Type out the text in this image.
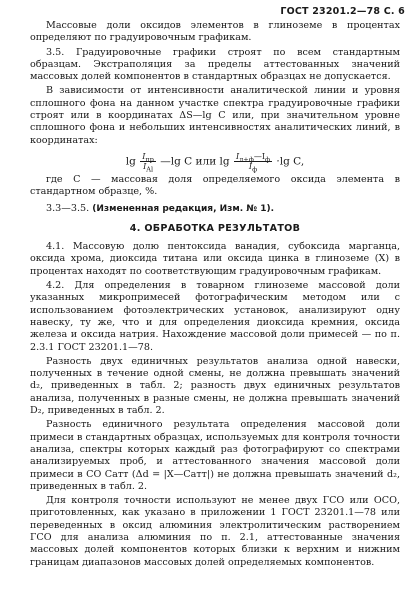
ГОСТ 23201.2—78 С. 6

Массовые доли оксидов элементов в глиноземе в процентах определяют по градуировочным графикам.

3.5. Градуировочные графики строят по всем стандартным образцам. Экстраполяция за пределы аттестованных значений массовых долей компонентов в стандартных образцах не допускается.

В зависимости от интенсивности аналитической линии и уровня сплошного фона на данном участке спектра градуировочные графики строят или в координатах ΔS—lg C или, при значительном уровне сплошного фона и небольших интенсивностях аналитических линий, в координатах:

$\lg \frac{I_{пр}}{I_{Al}}$ —lg C или $\lg \frac{I_{л+ф}—I_ф}{I_ф} \cdot\lg$ C,

где C — массовая доля определяемого оксида элемента в стандартном образце, %.

3.3—3.5. (Измененная редакция, Изм. № 1).

4. ОБРАБОТКА РЕЗУЛЬТАТОВ

4.1. Массовую долю пентоксида ванадия, субоксида марганца, оксида хрома, диоксида титана или оксида цинка в глиноземе (X) в процентах находят по соответствующим градуировочным графикам.

4.2. Для определения в товарном глиноземе массовой доли указанных микропримесей фотографическим методом или с использованием фотоэлектрических установок, анализируют одну навеску, ту же, что и для определения диоксида кремния, оксида железа и оксида натрия. Нахождение массовой доли примесей — по п. 2.3.1 ГОСТ 23201.1—78.

Разность двух единичных результатов анализа одной навески, полученных в течение одной смены, не должна превышать значений d₂, приведенных в табл. 2; разность двух единичных результатов анализа, полученных в разные смены, не должна превышать значений D₂, приведенных в табл. 2.

Разность единичного результата определения массовой доли примеси в стандартных образцах, используемых для контроля точности анализа, спектры которых каждый раз фотографируют со спектрами анализируемых проб, и аттестованного значения массовой доли примеси в СО Cатт (Δd = |X—Cатт|) не должна превышать значений d₂, приведенных в табл. 2.

Для контроля точности используют не менее двух ГСО или ОСО, приготовленных, как указано в приложении 1 ГОСТ 23201.1—78 или переведенных в оксид алюминия электролитическим растворением ГСО для анализа алюминия по п. 2.1, аттестованные значения массовых долей компонентов которых близки к верхним и нижним границам диапазонов массовых долей определяемых компонентов.
